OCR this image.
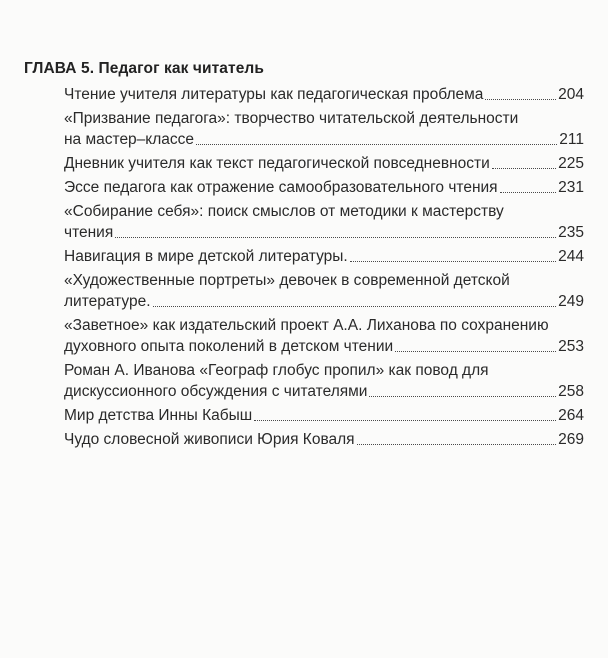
ГЛАВА 5. Педагог как читатель
Чтение учителя литературы как педагогическая проблема	204
«Призвание педагога»: творчество читательской деятельности
на мастер–классе	211
Дневник учителя как текст педагогической повседневности	225
Эссе педагога как отражение самообразовательного чтения	231
«Собирание себя»: поиск смыслов от методики к мастерству
чтения	235
Навигация в мире детской литературы.	244
«Художественные портреты» девочек в современной детской
литературе.	249
«Заветное» как издательский проект А.А. Лиханова по сохранению
духовного опыта поколений в детском чтении	253
Роман А. Иванова «Географ глобус пропил» как повод для
дискуссионного обсуждения с читателями	258
Мир детства Инны Кабыш	264
Чудо словесной живописи Юрия Коваля	269
